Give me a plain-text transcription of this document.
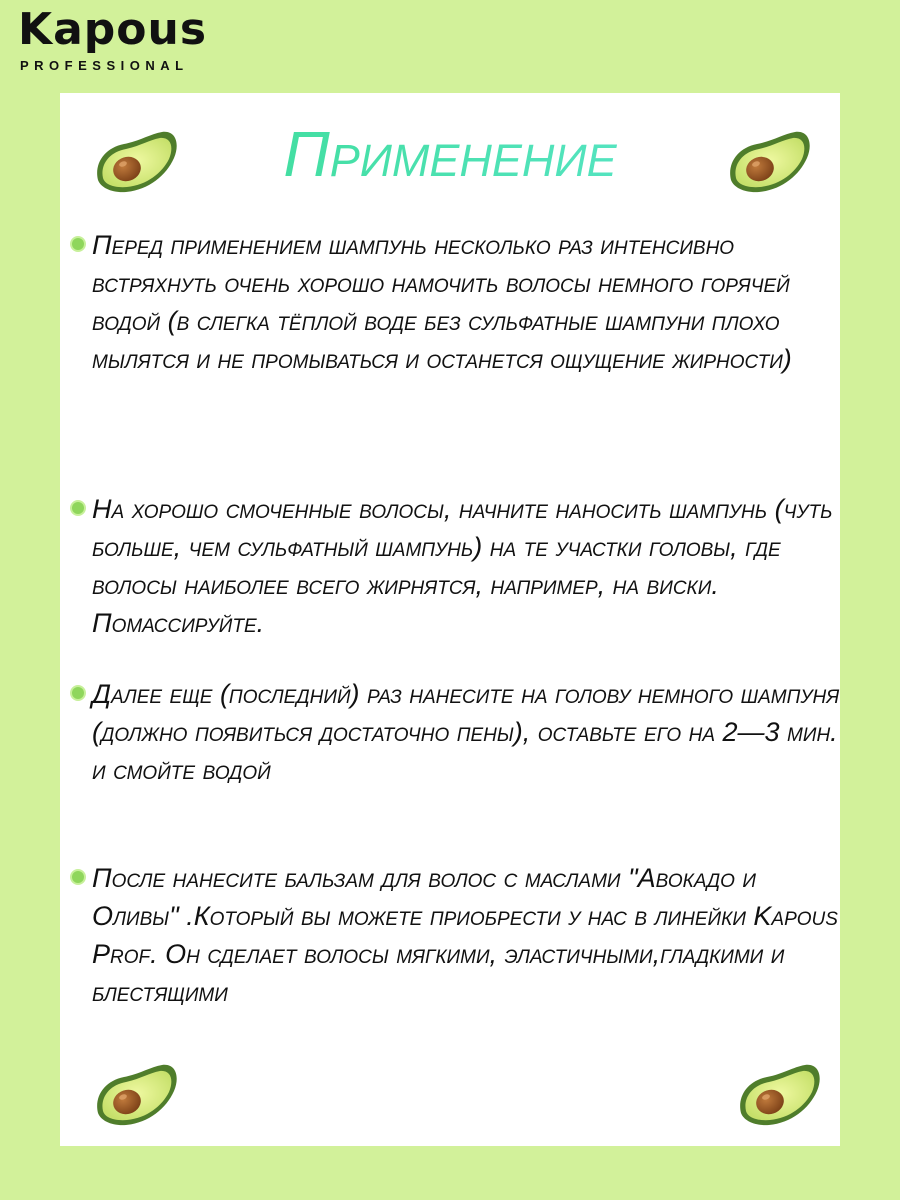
Kapous
PROFESSIONAL
Применение

Перед применением шампунь несколько раз интенсивно встряхнуть очень хорошо намочить волосы немного горячей водой (в слегка тёплой воде без сульфатные шампуни плохо мылятся и не промываться и останется ощущение жирности)

На хорошо смоченные волосы, начните наносить шампунь (чуть больше, чем сульфатный шампунь) на те участки головы, где волосы наиболее всего жирнятся, например, на виски. Помассируйте.

Далее еще (последний) раз нанесите на голову немного шампуня (должно появиться достаточно пены), оставьте его на 2—3 мин. и смойте водой

После нанесите бальзам для волос с маслами "Авокадо и Оливы" .Который вы можете приобрести у нас в линейки Kapous Prof. Он сделает волосы мягкими, эластичными,гладкими и блестящими
